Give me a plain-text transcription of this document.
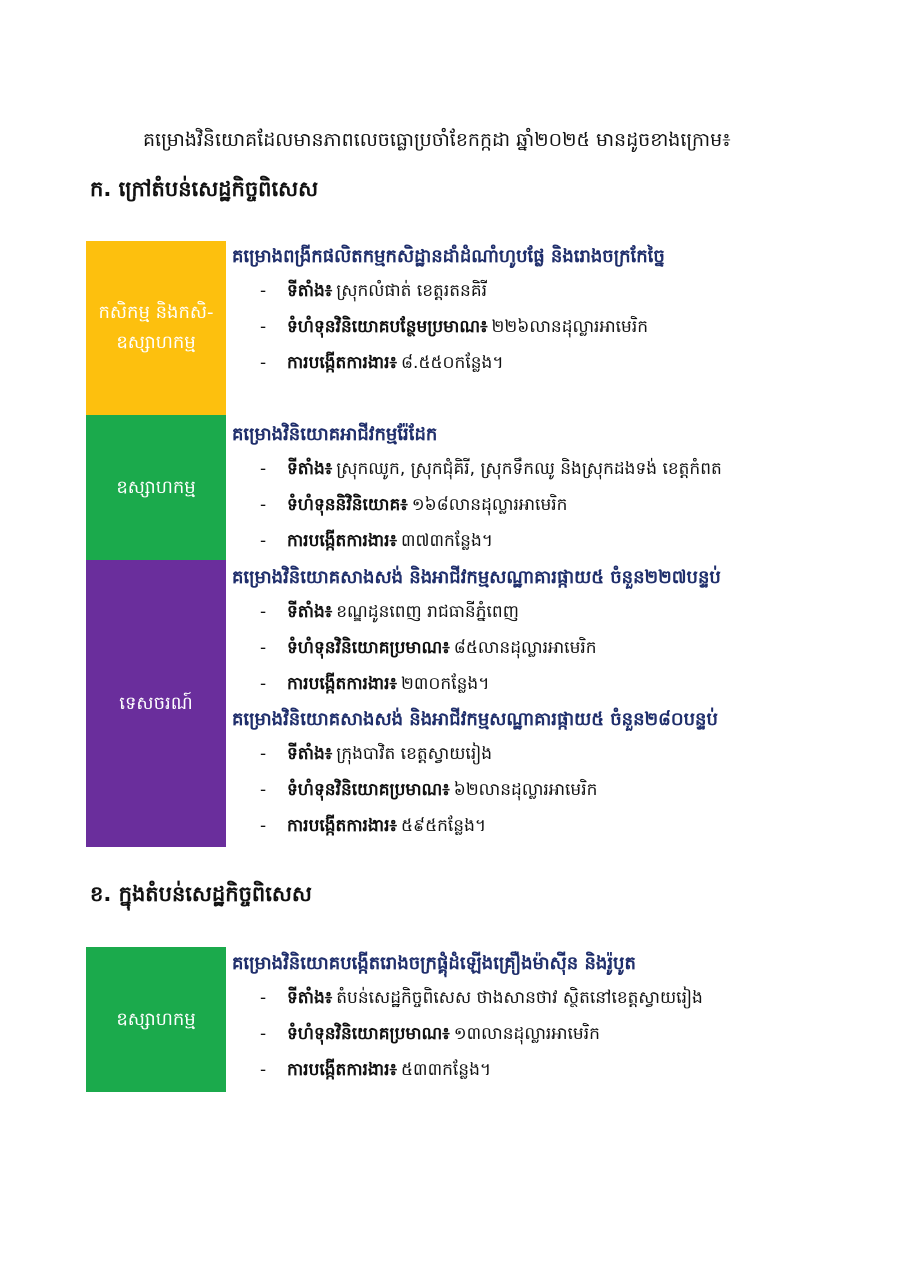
គម្រោងវិនិយោគដែលមានភាពលេចធ្លោប្រចាំខែកក្កដា ឆ្នាំ២០២៥ មានដូចខាងក្រោម៖
ក. ក្រៅតំបន់សេដ្ឋកិច្ចពិសេស
កសិកម្ម និងកសិ-ឧស្សាហកម្ម
ឧស្សាហកម្ម
ទេសចរណ៍
គម្រោងពង្រីកផលិតកម្មកសិដ្ឋានដាំដំណាំហូបផ្លែ និងរោងចក្រកែច្នៃ
- ទីតាំង៖ ស្រុកលំផាត់ ខេត្តរតនគិរី
- ទំហំទុនវិនិយោគបន្ថែមប្រមាណ៖ ២២៦លានដុល្លារអាមេរិក
- ការបង្កើតការងារ៖ ៨.៥៥០កន្លែង។
គម្រោងវិនិយោគអាជីវកម្មរ៉ែដែក
- ទីតាំង៖ ស្រុកឈូក, ស្រុកជុំគិរី, ស្រុកទឹកឈូ និងស្រុកដងទង់ ខេត្តកំពត
- ទំហំទុននិវិនិយោគ៖ ១៦៨លានដុល្លារអាមេរិក
- ការបង្កើតការងារ៖ ៣៧៣កន្លែង។
គម្រោងវិនិយោគសាងសង់ និងអាជីវកម្មសណ្ឋាគារផ្កាយ៥ ចំនួន២២៧បន្ទប់
- ទីតាំង៖ ខណ្ឌដូនពេញ រាជធានីភ្នំពេញ
- ទំហំទុនវិនិយោគប្រមាណ៖ ៨៥លានដុល្លារអាមេរិក
- ការបង្កើតការងារ៖ ២៣០កន្លែង។
គម្រោងវិនិយោគសាងសង់ និងអាជីវកម្មសណ្ឋាគារផ្កាយ៥ ចំនួន២៨០បន្ទប់
- ទីតាំង៖ ក្រុងបាវិត ខេត្តស្វាយរៀង
- ទំហំទុនវិនិយោគប្រមាណ៖ ៦២លានដុល្លារអាមេរិក
- ការបង្កើតការងារ៖ ៥៩៥កន្លែង។
ខ. ក្នុងតំបន់សេដ្ឋកិច្ចពិសេស
ឧស្សាហកម្ម
គម្រោងវិនិយោគបង្កើតរោងចក្រផ្គុំដំឡើងគ្រឿងម៉ាស៊ីន និងរ៉ូបូត
- ទីតាំង៖ តំបន់សេដ្ឋកិច្ចពិសេស ថាងសានថាវ ស្ថិតនៅខេត្តស្វាយរៀង
- ទំហំទុនវិនិយោគប្រមាណ៖ ១៣លានដុល្លារអាមេរិក
- ការបង្កើតការងារ៖ ៥៣៣កន្លែង។
